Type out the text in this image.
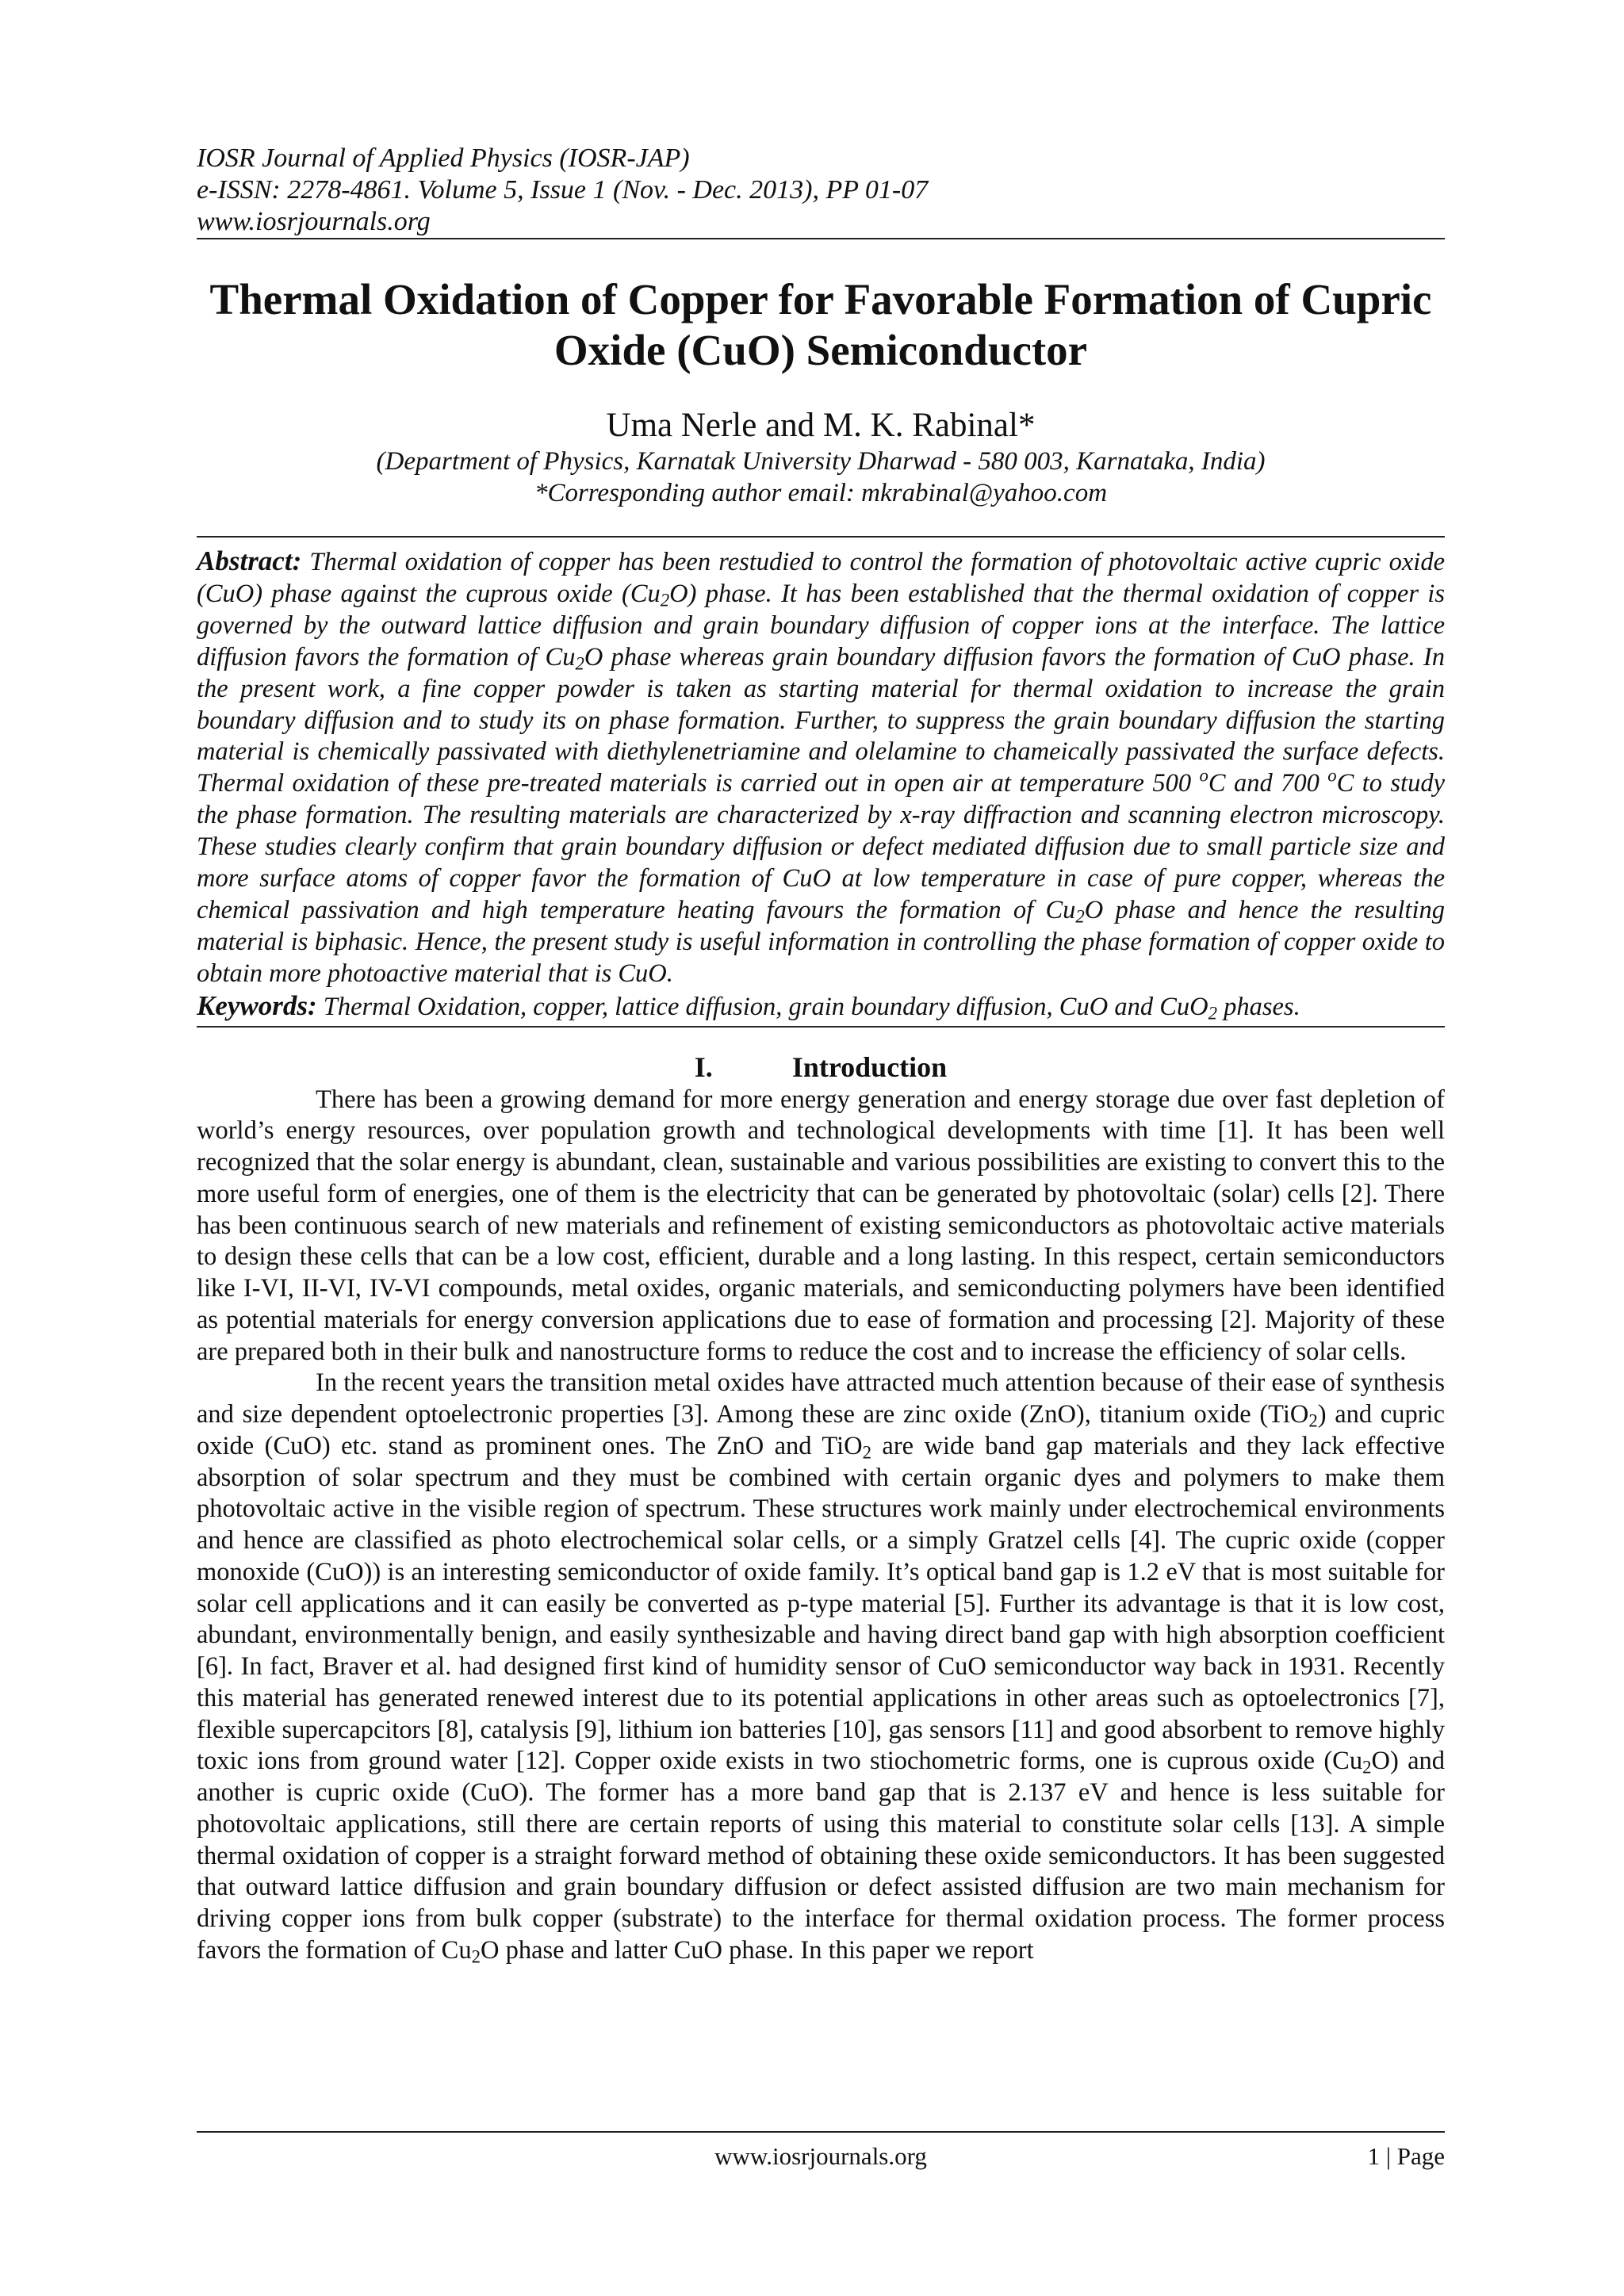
IOSR Journal of Applied Physics (IOSR-JAP)
e-ISSN: 2278-4861. Volume 5, Issue 1 (Nov. - Dec. 2013), PP 01-07
www.iosrjournals.org
Thermal Oxidation of Copper for Favorable Formation of Cupric
Oxide (CuO) Semiconductor
Uma Nerle and M. K. Rabinal*
(Department of Physics, Karnatak University Dharwad - 580 003, Karnataka, India)
*Corresponding author email: mkrabinal@yahoo.com
Abstract: Thermal oxidation of copper has been restudied to control the formation of photovoltaic active cupric oxide (CuO) phase against the cuprous oxide $(Cu_2O)$ phase. It has been established that the thermal oxidation of copper is governed by the outward lattice diffusion and grain boundary diffusion of copper ions at the interface. The lattice diffusion favors the formation of $Cu_2O$ phase whereas grain boundary diffusion favors the formation of CuO phase. In the present work, a fine copper powder is taken as starting material for thermal oxidation to increase the grain boundary diffusion and to study its on phase formation. Further, to suppress the grain boundary diffusion the starting material is chemically passivated with diethylenetriamine and olelamine to chameically passivated the surface defects. Thermal oxidation of these pre-treated materials is carried out in open air at temperature 500 $^o$C and 700 $^o$C to study the phase formation. The resulting materials are characterized by x-ray diffraction and scanning electron microscopy. These studies clearly confirm that grain boundary diffusion or defect mediated diffusion due to small particle size and more surface atoms of copper favor the formation of CuO at low temperature in case of pure copper, whereas the chemical passivation and high temperature heating favours the formation of $Cu_2O$ phase and hence the resulting material is biphasic. Hence, the present study is useful information in controlling the phase formation of copper oxide to obtain more photoactive material that is CuO.
Keywords: Thermal Oxidation, copper, lattice diffusion, grain boundary diffusion, CuO and CuO$_2$ phases.
I.	Introduction

There has been a growing demand for more energy generation and energy storage due over fast depletion of world’s energy resources, over population growth and technological developments with time [1]. It has been well recognized that the solar energy is abundant, clean, sustainable and various possibilities are existing to convert this to the more useful form of energies, one of them is the electricity that can be generated by photovoltaic (solar) cells [2]. There has been continuous search of new materials and refinement of existing semiconductors as photovoltaic active materials to design these cells that can be a low cost, efficient, durable and a long lasting. In this respect, certain semiconductors like I-VI, II-VI, IV-VI compounds, metal oxides, organic materials, and semiconducting polymers have been identified as potential materials for energy conversion applications due to ease of formation and processing [2]. Majority of these are prepared both in their bulk and nanostructure forms to reduce the cost and to increase the efficiency of solar cells.

In the recent years the transition metal oxides have attracted much attention because of their ease of synthesis and size dependent optoelectronic properties [3]. Among these are zinc oxide (ZnO), titanium oxide (TiO$_2$) and cupric oxide (CuO) etc. stand as prominent ones. The ZnO and TiO$_2$ are wide band gap materials and they lack effective absorption of solar spectrum and they must be combined with certain organic dyes and polymers to make them photovoltaic active in the visible region of spectrum. These structures work mainly under electrochemical environments and hence are classified as photo electrochemical solar cells, or a simply Gratzel cells [4]. The cupric oxide (copper monoxide (CuO)) is an interesting semiconductor of oxide family. It’s optical band gap is 1.2 eV that is most suitable for solar cell applications and it can easily be converted as p-type material [5]. Further its advantage is that it is low cost, abundant, environmentally benign, and easily synthesizable and having direct band gap with high absorption coefficient [6]. In fact, Braver et al. had designed first kind of humidity sensor of CuO semiconductor way back in 1931. Recently this material has generated renewed interest due to its potential applications in other areas such as optoelectronics [7], flexible supercapcitors [8], catalysis [9], lithium ion batteries [10], gas sensors [11] and good absorbent to remove highly toxic ions from ground water [12]. Copper oxide exists in two stiochometric forms, one is cuprous oxide $(Cu_2O)$ and another is cupric oxide (CuO). The former has a more band gap that is 2.137 eV and hence is less suitable for photovoltaic applications, still there are certain reports of using this material to constitute solar cells [13]. A simple thermal oxidation of copper is a straight forward method of obtaining these oxide semiconductors. It has been suggested that outward lattice diffusion and grain boundary diffusion or defect assisted diffusion are two main mechanism for driving copper ions from bulk copper (substrate) to the interface for thermal oxidation process. The former process favors the formation of $Cu_2O$ phase and latter CuO phase. In this paper we report

www.iosrjournals.org	1 | Page
